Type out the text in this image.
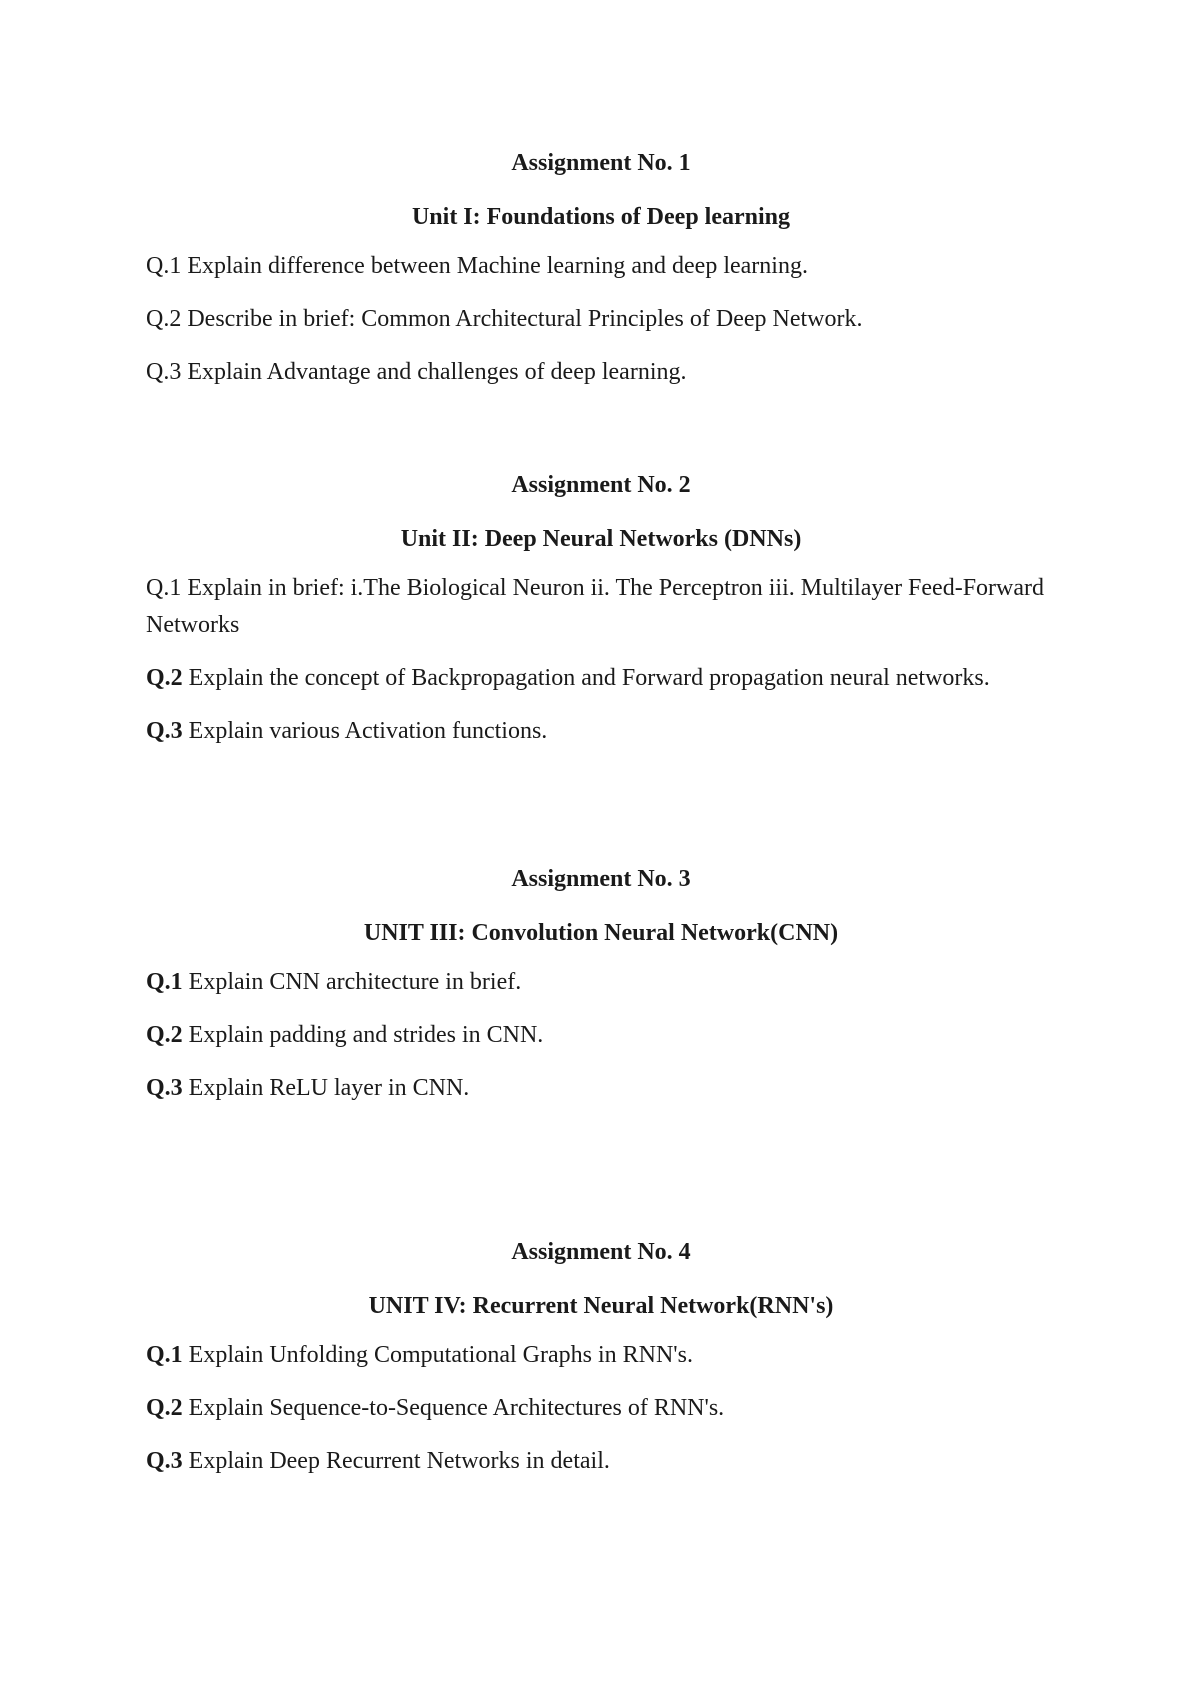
Assignment No. 1
Unit I: Foundations of Deep learning

Q.1 Explain difference between Machine learning and deep learning.

Q.2 Describe in brief: Common Architectural Principles of Deep Network.

Q.3 Explain Advantage and challenges of deep learning.

Assignment No. 2
Unit II: Deep Neural Networks (DNNs)

Q.1 Explain in brief: i.The Biological Neuron ii. The Perceptron iii. Multilayer Feed-Forward Networks

Q.2 Explain the concept of Backpropagation and Forward propagation neural networks.

Q.3 Explain various Activation functions.

Assignment No. 3
UNIT III: Convolution Neural Network(CNN)

Q.1 Explain CNN architecture in brief.

Q.2 Explain padding and strides in CNN.

Q.3 Explain ReLU layer in CNN.

Assignment No. 4
UNIT IV: Recurrent Neural Network(RNN's)

Q.1 Explain Unfolding Computational Graphs in RNN's.

Q.2 Explain Sequence-to-Sequence Architectures of RNN's.

Q.3 Explain Deep Recurrent Networks in detail.
